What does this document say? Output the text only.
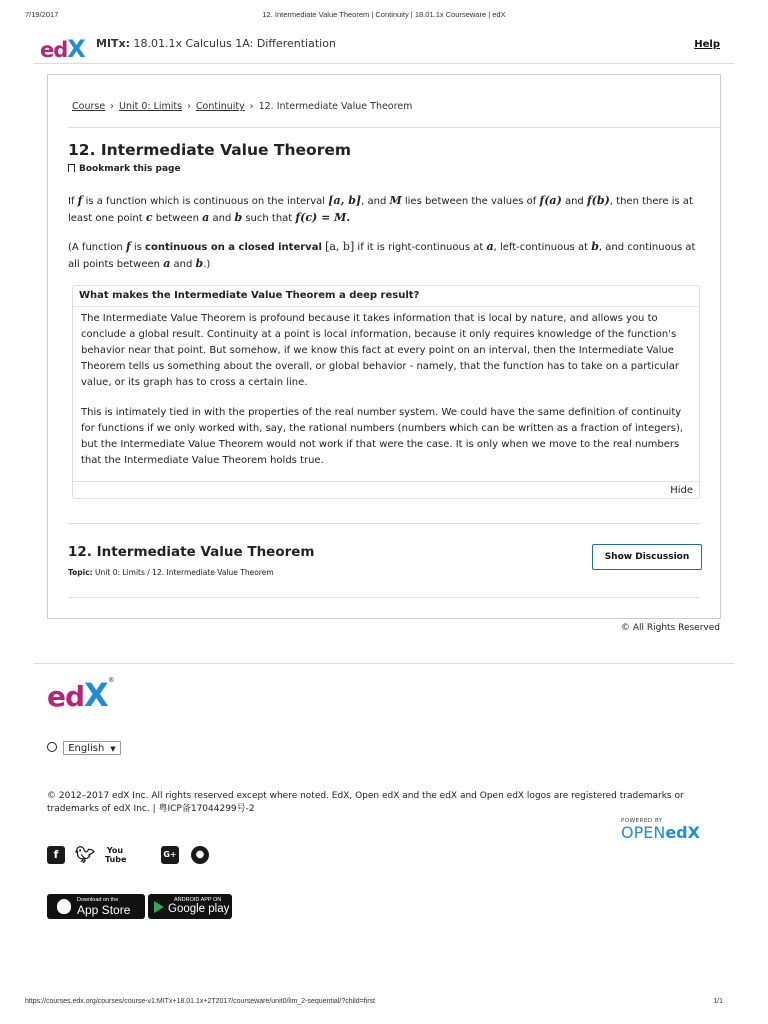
7/19/2017	12. Intermediate Value Theorem | Continuity | 18.01.1x Courseware | edX
edX MITx: 18.01.1x Calculus 1A: Differentiation	Help
Course › Unit 0: Limits › Continuity › 12. Intermediate Value Theorem
12. Intermediate Value Theorem
Bookmark this page

If f is a function which is continuous on the interval [a, b], and M lies between the values of f(a) and f(b), then there is at least one point c between a and b such that f(c) = M.

(A function f is continuous on a closed interval [a, b] if it is right-continuous at a, left-continuous at b, and continuous at all points between a and b.)

What makes the Intermediate Value Theorem a deep result?

The Intermediate Value Theorem is profound because it takes information that is local by nature, and allows you to conclude a global result. Continuity at a point is local information, because it only requires knowledge of the function's behavior near that point. But somehow, if we know this fact at every point on an interval, then the Intermediate Value Theorem tells us something about the overall, or global behavior - namely, that the function has to take on a particular value, or its graph has to cross a certain line.

This is intimately tied in with the properties of the real number system. We could have the same definition of continuity for functions if we only worked with, say, the rational numbers (numbers which can be written as a fraction of integers), but the Intermediate Value Theorem would not work if that were the case. It is only when we move to the real numbers that the Intermediate Value Theorem holds true.

Hide
12. Intermediate Value Theorem
Topic: Unit 0: Limits / 12. Intermediate Value Theorem
Show Discussion
© All Rights Reserved
edX®
English ▼
© 2012–2017 edX Inc. All rights reserved except where noted. EdX, Open edX and the edX and Open edX logos are registered trademarks or trademarks of edX Inc. | 粤ICP备17044299号-2
POWERED BY
OPENedX
f	🐦︎ You
Tube
G+	●
Download on the
App Store
ANDROID APP ON
Google play
https://courses.edx.org/courses/course-v1:MITx+18.01.1x+2T2017/courseware/unit0/lim_2-sequential/?child=first	1/1
